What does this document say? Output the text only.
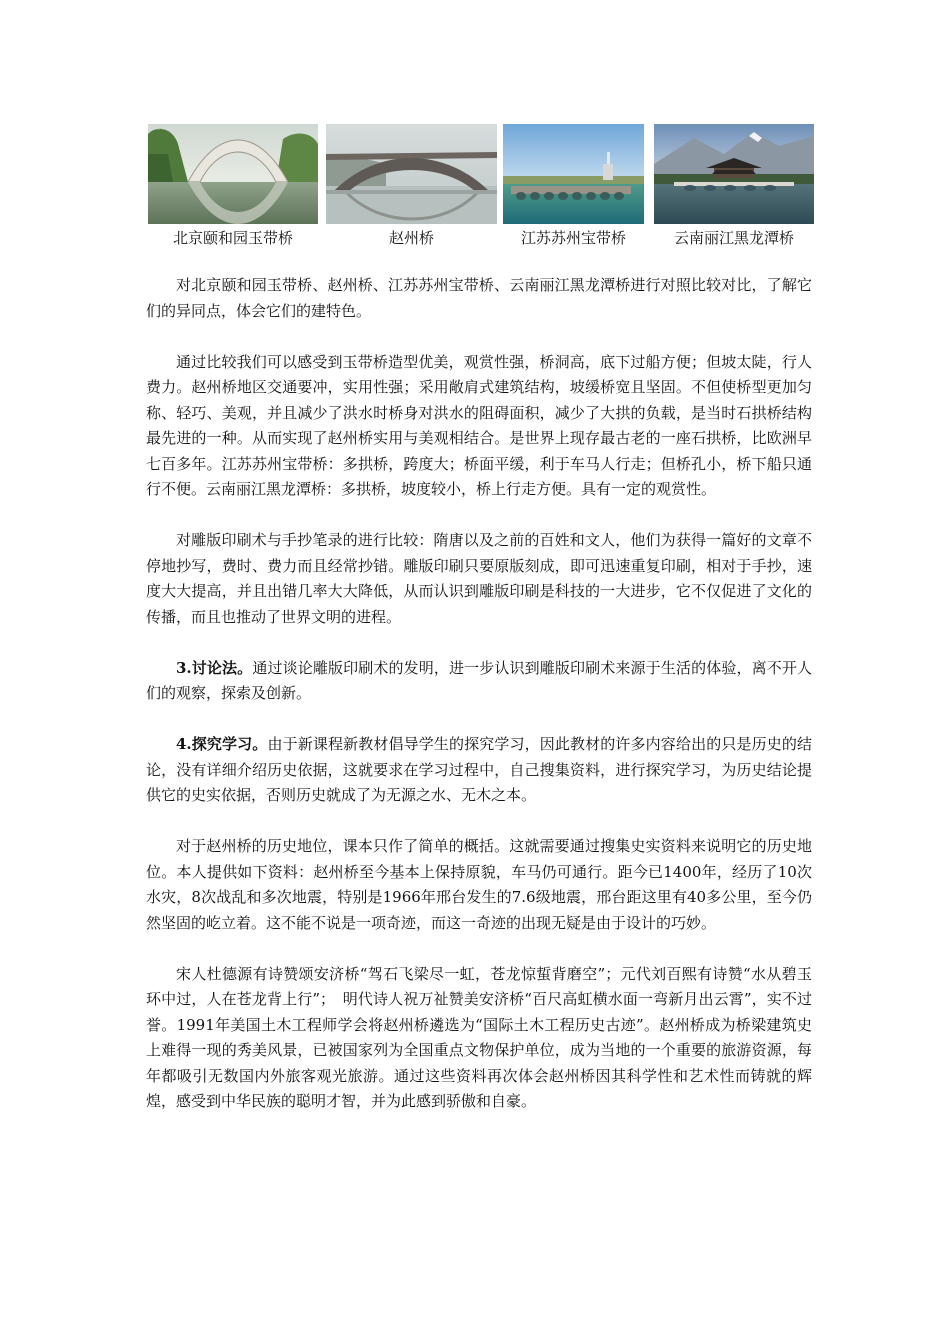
· · · · · · · ·
北京颐和园玉带桥	赵州桥	江苏苏州宝带桥	云南丽江黑龙潭桥

对北京颐和园玉带桥、赵州桥、江苏苏州宝带桥、云南丽江黑龙潭桥进行对照比较对比，了解它们的异同点，体会它们的建特色。

通过比较我们可以感受到玉带桥造型优美，观赏性强，桥洞高，底下过船方便；但坡太陡，行人费力。赵州桥地区交通要冲，实用性强；采用敞肩式建筑结构，坡缓桥宽且坚固。不但使桥型更加匀称、轻巧、美观，并且减少了洪水时桥身对洪水的阻碍面积，减少了大拱的负载，是当时石拱桥结构最先进的一种。从而实现了赵州桥实用与美观相结合。是世界上现存最古老的一座石拱桥，比欧洲早七百多年。江苏苏州宝带桥：多拱桥，跨度大；桥面平缓，利于车马人行走；但桥孔小，桥下船只通行不便。云南丽江黑龙潭桥：多拱桥，坡度较小，桥上行走方便。具有一定的观赏性。

对雕版印刷术与手抄笔录的进行比较：隋唐以及之前的百姓和文人，他们为获得一篇好的文章不停地抄写，费时、费力而且经常抄错。雕版印刷只要原版刻成，即可迅速重复印刷，相对于手抄，速度大大提高，并且出错几率大大降低，从而认识到雕版印刷是科技的一大进步，它不仅促进了文化的传播，而且也推动了世界文明的进程。

3.讨论法。通过谈论雕版印刷术的发明，进一步认识到雕版印刷术来源于生活的体验，离不开人们的观察，探索及创新。

4.探究学习。由于新课程新教材倡导学生的探究学习，因此教材的许多内容给出的只是历史的结论，没有详细介绍历史依据，这就要求在学习过程中，自己搜集资料，进行探究学习，为历史结论提供它的史实依据，否则历史就成了为无源之水、无木之本。

对于赵州桥的历史地位，课本只作了简单的概括。这就需要通过搜集史实资料来说明它的历史地位。本人提供如下资料：赵州桥至今基本上保持原貌，车马仍可通行。距今已1400年，经历了10次水灾，8次战乱和多次地震，特别是1966年邢台发生的7.6级地震，邢台距这里有40多公里，至今仍然坚固的屹立着。这不能不说是一项奇迹，而这一奇迹的出现无疑是由于设计的巧妙。

宋人杜德源有诗赞颂安济桥“驾石飞梁尽一虹，苍龙惊蜇背磨空”；元代刘百熙有诗赞“水从碧玉环中过，人在苍龙背上行”；　明代诗人祝万祉赞美安济桥“百尺高虹横水面一弯新月出云霄”，实不过誉。1991年美国土木工程师学会将赵州桥遴选为“国际土木工程历史古迹”。赵州桥成为桥梁建筑史上难得一现的秀美风景，已被国家列为全国重点文物保护单位，成为当地的一个重要的旅游资源，每年都吸引无数国内外旅客观光旅游。通过这些资料再次体会赵州桥因其科学性和艺术性而铸就的辉煌，感受到中华民族的聪明才智，并为此感到骄傲和自豪。
